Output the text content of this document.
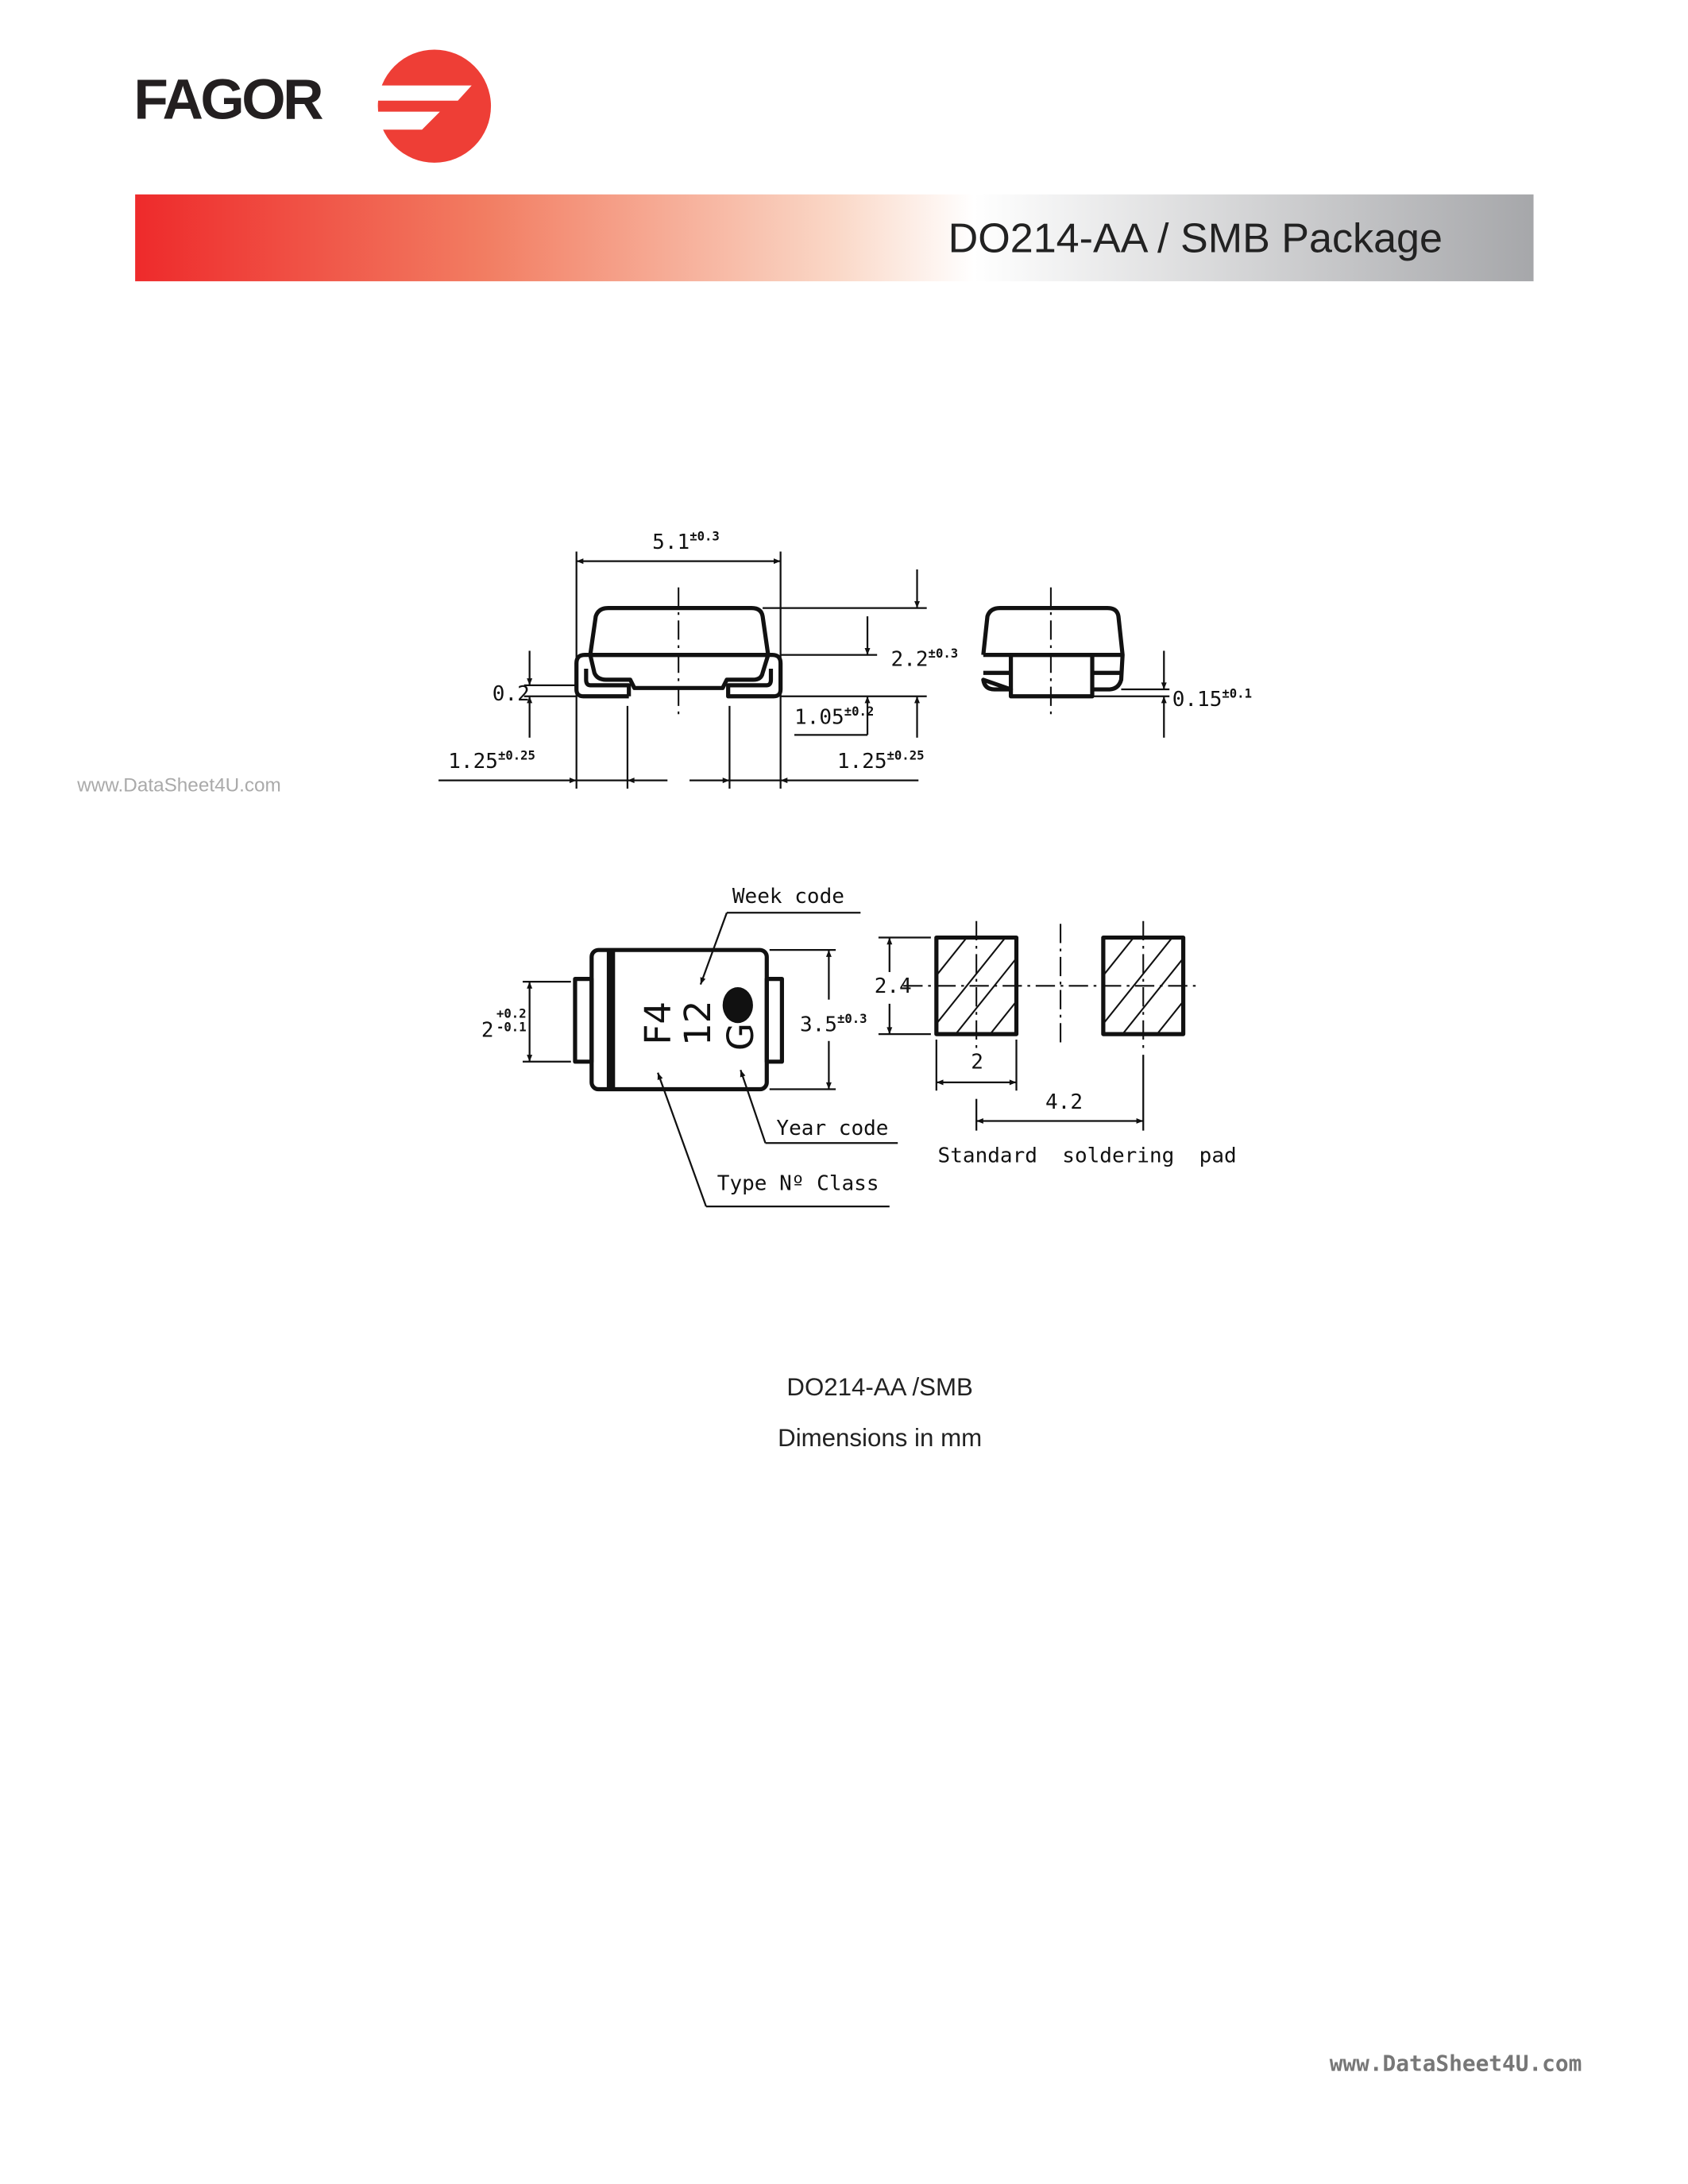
FAGOR
DO214-AA / SMB Package
www.DataSheet4U.com
$5.1^{\pm 0.3}$
$2.2^{\pm 0.3}$
$1.05^{\pm 0.2}$
0.2
$1.25^{\pm 0.25}$	$1.25^{\pm 0.25}$
$0.15^{\pm 0.1}$
F4
12 G
2
+0.2
-0.1	$3.5^{\pm 0.3}$
Week code
Year code
Type Nº Class
2.4
2
4.2
Standard  soldering  pad
DO214-AA /SMB
Dimensions in mm
www.DataSheet4U.com
